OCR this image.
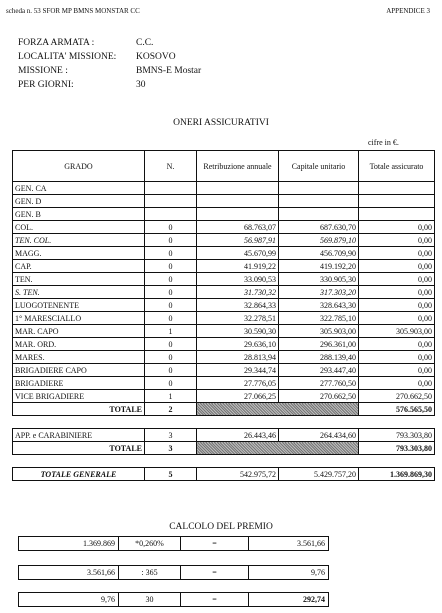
scheda n. 53 SFOR MP BMNS MONSTAR CC	APPENDICE 3
FORZA ARMATA :	C.C.
LOCALITA' MISSIONE: KOSOVO
MISSIONE :	BMNS-E Mostar
PER GIORNI:	30
ONERI ASSICURATIVI
cifre in €.
GRADO	N.	Retribuzione annuale	Capitale unitario	Totale assicurato
GEN. CA				
GEN. D				
GEN. B				
COL.	0	68.763,07	687.630,70	0,00
TEN. COL.	0	56.987,91	569.879,10	0,00
MAGG.	0	45.670,99	456.709,90	0,00
CAP.	0	41.919,22	419.192,20	0,00
TEN.	0	33.090,53	330.905,30	0,00
S. TEN.	0	31.730,32	317.303,20	0,00
LUOGOTENENTE	0	32.864,33	328.643,30	0,00
1° MARESCIALLO	0	32.278,51	322.785,10	0,00
MAR. CAPO	1	30.590,30	305.903,00	305.903,00
MAR. ORD.	0	29.636,10	296.361,00	0,00
MARES.	0	28.813,94	288.139,40	0,00
BRIGADIERE CAPO	0	29.344,74	293.447,40	0,00
BRIGADIERE	0	27.776,05	277.760,50	0,00
VICE BRIGADIERE	1	27.066,25	270.662,50	270.662,50
TOTALE	2			576.565,50

APP. e CARABINIERE	3	26.443,46	264.434,60	793.303,80
TOTALE	3			793.303,80

TOTALE GENERALE	5	542.975,72	5.429.757,20	1.369.869,30
CALCOLO DEL PREMIO
1.369.869	*0,260%	=	3.561,66
3.561,66	: 365	=	9,76
9,76	30	=	292,74
